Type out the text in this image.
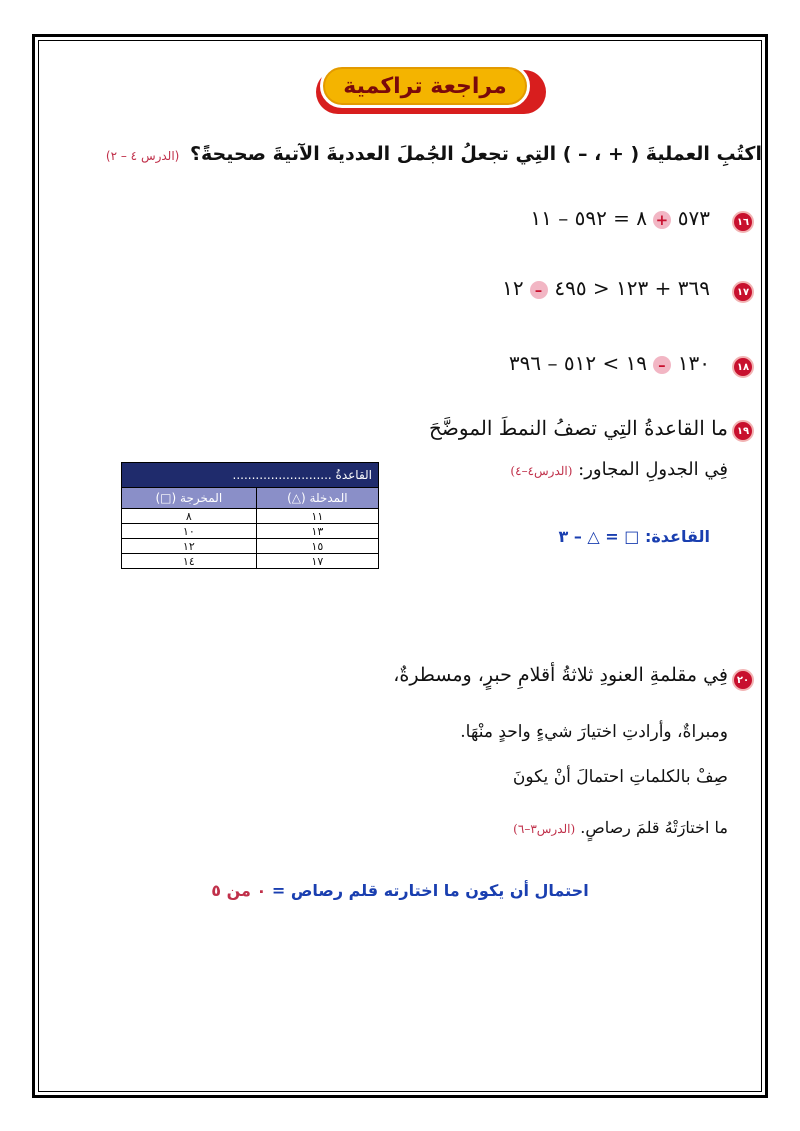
مراجعة تراكمية
اكتُبِ العمليةَ ( + ، – ) التِي تجعلُ الجُملَ العدديةَ الآتيةَ صحيحةً؟ (الدرس ٤ – ٢)
١٦
٥٧٣ + ٨ = ٥٩٢ – ١١
١٧
٣٦٩ + ١٢٣ < ٤٩٥ – ١٢
١٨
١٣٠ – ١٩ > ٥١٢ – ٣٩٦
١٩
ما القاعدةُ التِي تصفُ النمطَ الموضَّحَ
فِي الجدولِ المجاور: (الدرس٤–٤)
القاعدةُ ..........................	
المدخلة (△)	المخرجة (□)
١١	٨
١٣	١٠
١٥	١٢
١٧	١٤
القاعدة: □ = △ – ٣
٢٠
فِي مقلمةِ العنودِ ثلاثةُ أقلامِ حبرٍ، ومسطرةٌ،
ومبراةٌ، وأرادتِ اختيارَ شيءٍ واحدٍ منْهَا.
صِفْ بالكلماتِ احتمالَ أنْ يكونَ
ما اختارَتْهُ قلمَ رصاصٍ. (الدرس٣–٦)
احتمال أن يكون ما اختارته قلم رصاص = ٠ من ٥
